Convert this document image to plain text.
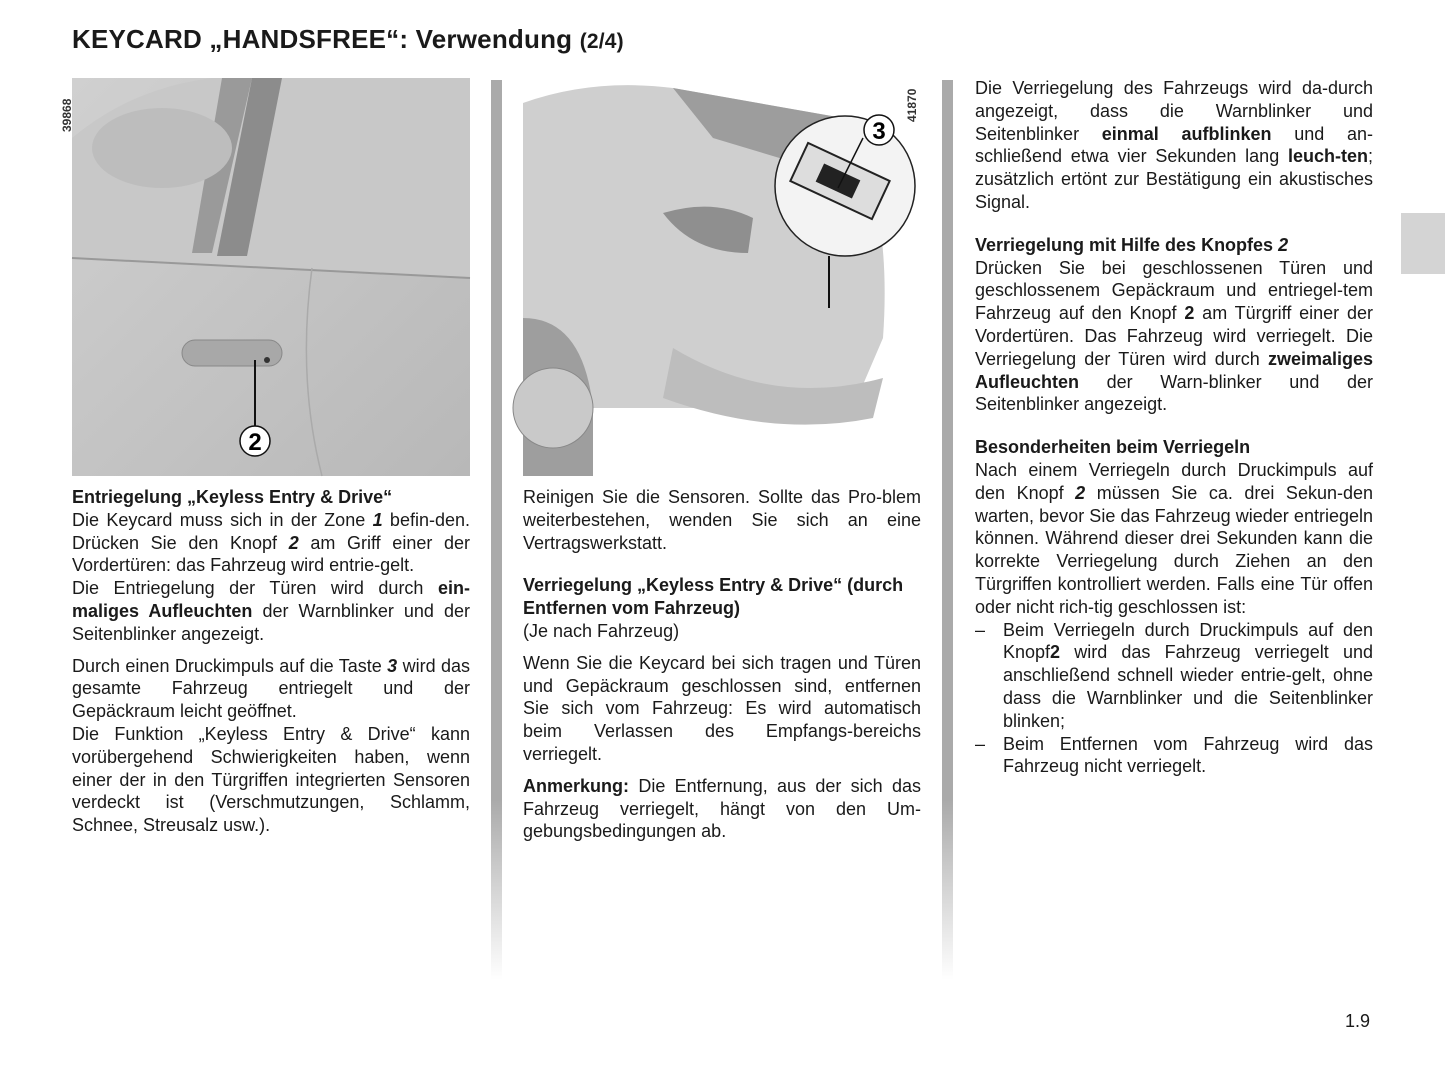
KEYCARD „HANDSFREE“: Verwendung (2/4)
2
39868

Entriegelung „Keyless Entry & Drive“

Die Keycard muss sich in der Zone 1 befin-den. Drücken Sie den Knopf 2 am Griff einer der Vordertüren: das Fahrzeug wird entrie-gelt.

Die Entriegelung der Türen wird durch ein-maliges Aufleuchten der Warnblinker und der Seitenblinker angezeigt.

Durch einen Druckimpuls auf die Taste 3 wird das gesamte Fahrzeug entriegelt und der Gepäckraum leicht geöffnet.

Die Funktion „Keyless Entry & Drive“ kann vorübergehend Schwierigkeiten haben, wenn einer der in den Türgriffen integrierten Sensoren verdeckt ist (Verschmutzungen, Schlamm, Schnee, Streusalz usw.).

3
41870

Reinigen Sie die Sensoren. Sollte das Pro-blem weiterbestehen, wenden Sie sich an eine Vertragswerkstatt.

Verriegelung „Keyless Entry & Drive“ (durch Entfernen vom Fahrzeug)

(Je nach Fahrzeug)

Wenn Sie die Keycard bei sich tragen und Türen und Gepäckraum geschlossen sind, entfernen Sie sich vom Fahrzeug: Es wird automatisch beim Verlassen des Empfangs-bereichs verriegelt.

Anmerkung: Die Entfernung, aus der sich das Fahrzeug verriegelt, hängt von den Um-gebungsbedingungen ab.

Die Verriegelung des Fahrzeugs wird da-durch angezeigt, dass die Warnblinker und Seitenblinker einmal aufblinken und an-schließend etwa vier Sekunden lang leuch-ten; zusätzlich ertönt zur Bestätigung ein akustisches Signal.

Verriegelung mit Hilfe des Knopfes 2

Drücken Sie bei geschlossenen Türen und geschlossenem Gepäckraum und entriegel-tem Fahrzeug auf den Knopf 2 am Türgriff einer der Vordertüren. Das Fahrzeug wird verriegelt. Die Verriegelung der Türen wird durch zweimaliges Aufleuchten der Warn-blinker und der Seitenblinker angezeigt.

Besonderheiten beim Verriegeln

Nach einem Verriegeln durch Druckimpuls auf den Knopf 2 müssen Sie ca. drei Sekun-den warten, bevor Sie das Fahrzeug wieder entriegeln können. Während dieser drei Sekunden kann die korrekte Verriegelung durch Ziehen an den Türgriffen kontrolliert werden. Falls eine Tür offen oder nicht rich-tig geschlossen ist:

– Beim Verriegeln durch Druckimpuls auf den Knopf2 wird das Fahrzeug verriegelt und anschließend schnell wieder entrie-gelt, ohne dass die Warnblinker und die Seitenblinker blinken;
– Beim Entfernen vom Fahrzeug wird das Fahrzeug nicht verriegelt.
1.9
